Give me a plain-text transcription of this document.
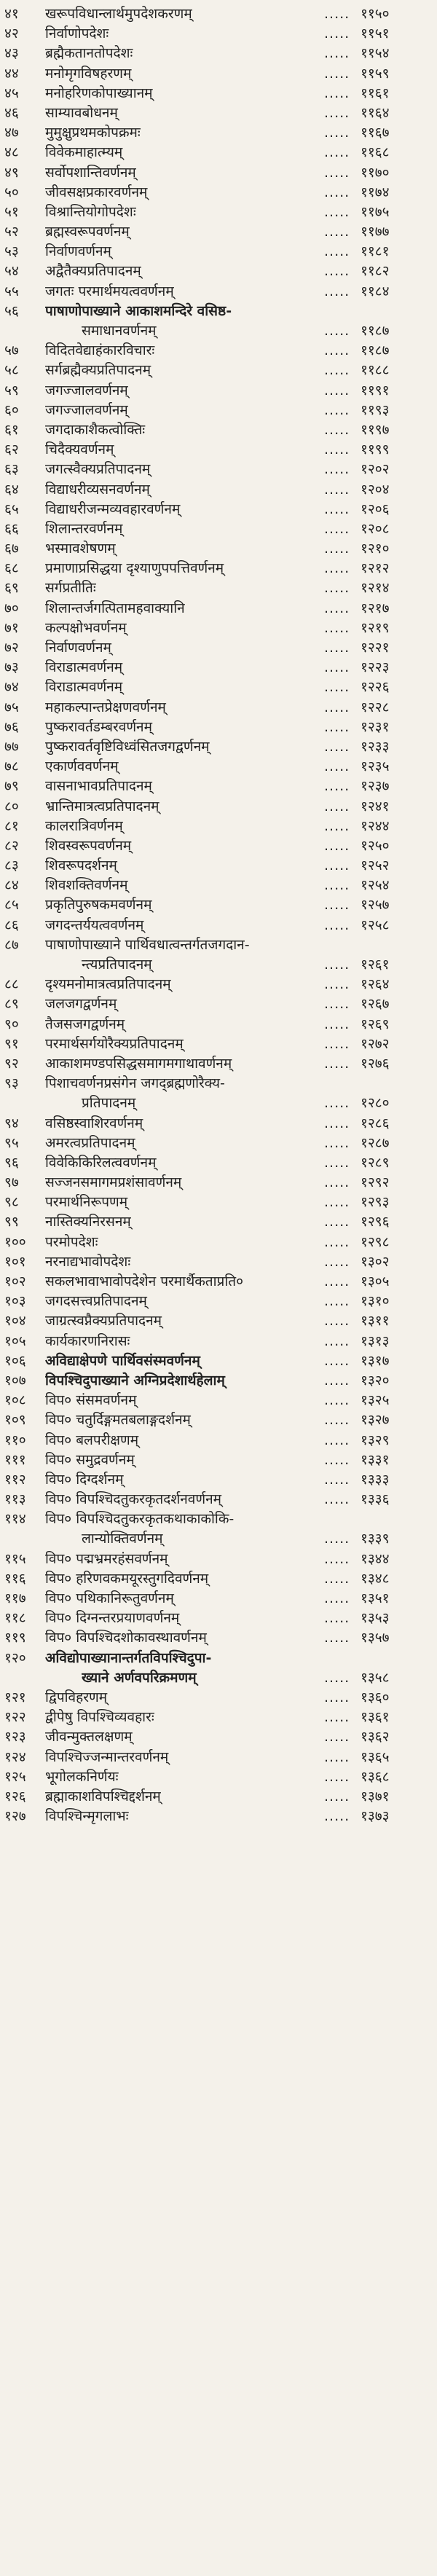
४१	खरूपविधान्लार्थमुपदेशकरणम्	..... ११५०
४२	निर्वाणोपदेशः	..... ११५१
४३	ब्रह्मैकतानतोपदेशः	..... ११५४
४४	मनोमृगविषहरणम्	..... ११५९
४५	मनोहरिणकोपाख्यानम्	..... ११६१
४६	साम्यावबोधनम्	..... ११६४
४७	मुमुक्षुप्रथमकोपक्रमः	..... ११६७
४८	विवेकमाहात्म्यम्	..... ११६८
४९	सर्वोपशान्तिवर्णनम्	..... ११७०
५०	जीवसक्षप्रकारवर्णनम्	..... ११७४
५१	विश्रान्तियोगोपदेशः	..... ११७५
५२	ब्रह्मस्वरूपवर्णनम्	..... ११७७
५३	निर्वाणवर्णनम्	..... ११८१
५४	अद्वैतैक्यप्रतिपादनम्	..... ११८२
५५	जगतः परमार्थमयत्ववर्णनम्	..... ११८४
५६	पाषाणोपाख्याने आकाशमन्दिरे वसिष्ठ-
समाधानवर्णनम्	..... ११८७
५७	विदितवेद्याहंकारविचारः	..... ११८७
५८	सर्गब्रह्मैक्यप्रतिपादनम्	..... ११८८
५९	जगज्जालवर्णनम्	..... ११९१
६०	जगज्जालवर्णनम्	..... ११९३
६१	जगदाकाशैकत्वोक्तिः	..... ११९७
६२	चिदैक्यवर्णनम्	..... ११९९
६३	जगत्स्वैक्यप्रतिपादनम्	..... १२०२
६४	विद्याधरीव्यसनवर्णनम्	..... १२०४
६५	विद्याधरीजन्मव्यवहारवर्णनम्	..... १२०६
६६	शिलान्तरवर्णनम्	..... १२०८
६७	भस्मावशेषणम्	..... १२१०
६८	प्रमाणाप्रसिद्धया दृश्याणुपपत्तिवर्णनम्	..... १२१२
६९	सर्गप्रतीतिः	..... १२१४
७०	शिलान्तर्जगत्पितामहवाक्यानि	..... १२१७
७१	कल्पक्षोभवर्णनम्	..... १२१९
७२	निर्वाणवर्णनम्	..... १२२१
७३	विराडात्मवर्णनम्	..... १२२३
७४	विराडात्मवर्णनम्	..... १२२६
७५	महाकल्पान्तप्रेक्षणवर्णनम्	..... १२२८
७६	पुष्करावर्तडम्बरवर्णनम्	..... १२३१
७७	पुष्करावर्तवृष्टिविध्वंसितजगद्वर्णनम्	..... १२३३
७८	एकार्णववर्णनम्	..... १२३५
७९	वासनाभावप्रतिपादनम्	..... १२३७
८०	भ्रान्तिमात्रत्वप्रतिपादनम्	..... १२४१
८१	कालरात्रिवर्णनम्	..... १२४४
८२	शिवस्वरूपवर्णनम्	..... १२५०
८३	शिवरूपदर्शनम्	..... १२५२
८४	शिवशक्तिवर्णनम्	..... १२५४
८५	प्रकृतिपुरुषकमवर्णनम्	..... १२५७
८६	जगदन्तर्ययत्ववर्णनम्	..... १२५८
८७	पाषाणोपाख्याने पार्थिवधात्वन्तर्गतजगदान-
न्त्यप्रतिपादनम्	..... १२६१
८८	दृश्यमनोमात्रत्वप्रतिपादनम्	..... १२६४
८९	जलजगद्वर्णनम्	..... १२६७
९०	तैजसजगद्वर्णनम्	..... १२६९
९१	परमार्थसर्गयोरैक्यप्रतिपादनम्	..... १२७२
९२	आकाशमण्डपसिद्धसमागमगाथावर्णनम्	..... १२७६
९३	पिशाचवर्णनप्रसंगेन जगद्ब्रह्मणोरैक्य-
प्रतिपादनम्	..... १२८०
९४	वसिष्ठस्वाशिरवर्णनम्	..... १२८६
९५	अमरत्वप्रतिपादनम्	..... १२८७
९६	विवेकिकिरिलत्ववर्णनम्	..... १२८९
९७	सज्जनसमागमप्रशंसावर्णनम्	..... १२९२
९८	परमार्थनिरूपणम्	..... १२९३
९९	नास्तिक्यनिरसनम्	..... १२९६
१००	परमोपदेशः	..... १२९८
१०१	नरनाद्यभावोपदेशः	..... १३०२
१०२	सकलभावाभावोपदेशेन परमार्थैकताप्रति०	..... १३०५
१०३	जगदसत्त्वप्रतिपादनम्	..... १३१०
१०४	जाग्रत्स्वप्नैक्यप्रतिपादनम्	..... १३११
१०५	कार्यकारणनिरासः	..... १३१३
१०६	अविद्याक्षेपणे पार्थिवसंस्मवर्णनम्	..... १३१७
१०७	विपश्चिदुपाख्याने अग्निप्रदेशार्थहेलाम्	..... १३२०
१०८	विप० संसमवर्णनम्	..... १३२५
१०९	विप० चतुर्दिङ्गमतबलाङ्गदर्शनम्	..... १३२७
११०	विप० बलपरीक्षणम्	..... १३२९
१११	विप० समुद्रवर्णनम्	..... १३३१
११२	विप० दिग्दर्शनम्	..... १३३३
११३	विप० विपश्चिदतुकरकृतदर्शनवर्णनम्	..... १३३६
११४	विप० विपश्चिदतुकरकृतकथाकाकोकि-
लान्योक्तिवर्णनम्	..... १३३९
११५	विप० पद्मभ्रमरहंसवर्णनम्	..... १३४४
११६	विप० हरिणवकमयूरस्तुगदिवर्णनम्	..... १३४८
११७	विप० पथिकानिरूतुवर्णनम्	..... १३५१
११८	विप० दिग्नन्तरप्रयाणवर्णनम्	..... १३५३
११९	विप० विपश्चिदशोकावस्थावर्णनम्	..... १३५७
१२०	अविद्योपाख्यानान्तर्गतविपश्चिदुपा-
ख्याने अर्णवपरिक्रमणम्	..... १३५८
१२१	द्विपविहरणम्	..... १३६०
१२२	द्वीपेषु विपश्चिव्यवहारः	..... १३६१
१२३	जीवन्मुक्तलक्षणम्	..... १३६२
१२४	विपश्चिज्जन्मान्तरवर्णनम्	..... १३६५
१२५	भूगोलकनिर्णयः	..... १३६८
१२६	ब्रह्माकाशविपश्चिद्दर्शनम्	..... १३७१
१२७	विपश्चिन्मृगलाभः	..... १३७३
